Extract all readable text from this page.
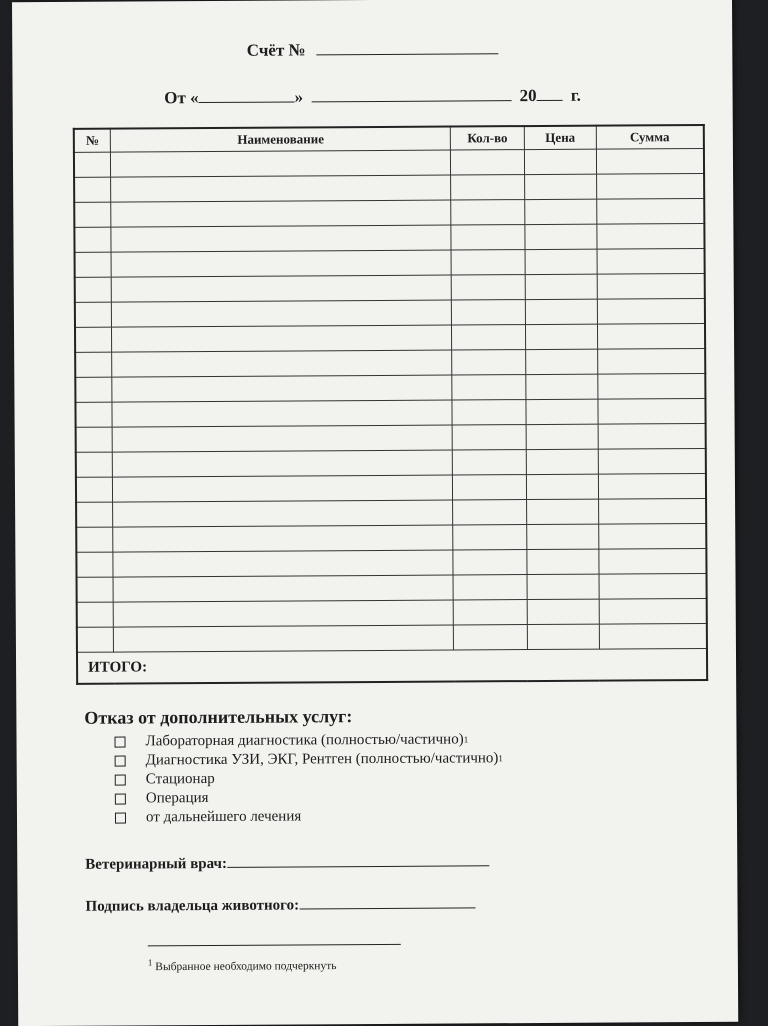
Счёт №
От «	»	20 г.
№	Наименование	Кол-во	Цена	Сумма

ИТОГО:				
Отказ от дополнительных услуг:
Лабораторная диагностика (полностью/частично) 1
Диагностика УЗИ, ЭКГ, Рентген (полностью/частично) 1
Стационар
Операция
от дальнейшего лечения
Ветеринарный врач:
Подпись владельца животного:
$^1$ Выбранное необходимо подчеркнуть
